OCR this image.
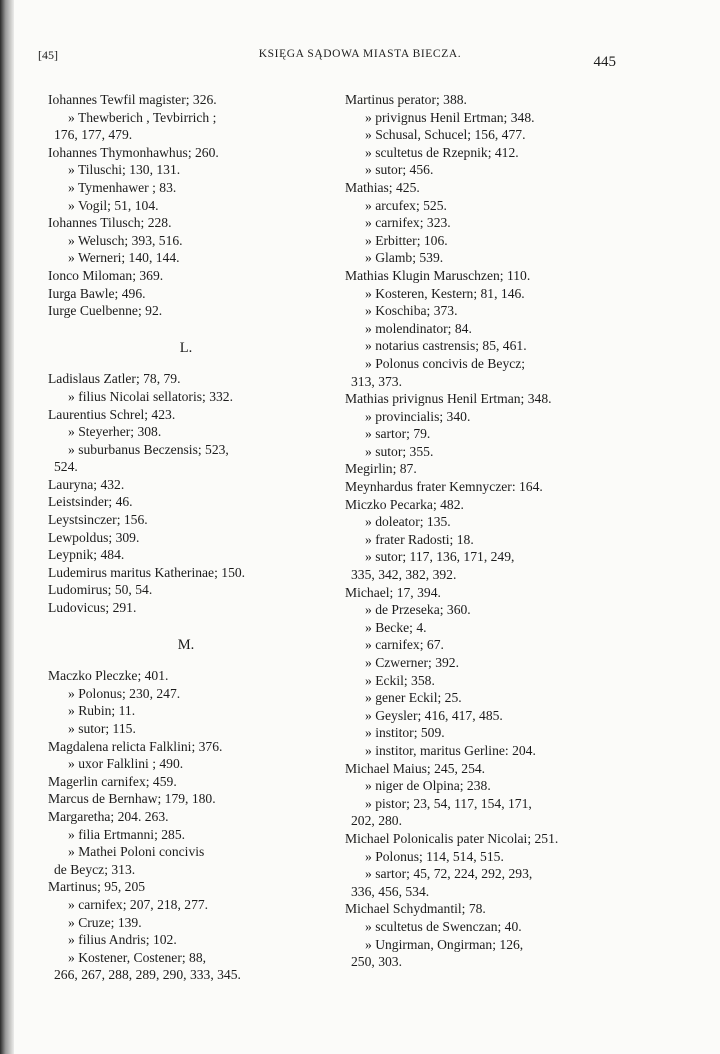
[45]	KSIĘGA SĄDOWA MIASTA BIECZA.	445
Iohannes Tewfil magister; 326.
» Thewberich , Tevbirrich ;
176, 177, 479.
Iohannes Thymonhawhus; 260.
» Tiluschi; 130, 131.
» Tymenhawer ; 83.
» Vogil; 51, 104.
Iohannes Tilusch; 228.
» Welusch; 393, 516.
» Werneri; 140, 144.
Ionco Miloman; 369.
Iurga Bawle; 496.
Iurge Cuelbenne; 92.
L.
Ladislaus Zatler; 78, 79.
» filius Nicolai sellatoris; 332.
Laurentius Schrel; 423.
» Steyerher; 308.
» suburbanus Beczensis; 523,
524.
Lauryna; 432.
Leistsinder; 46.
Leystsinczer; 156.
Lewpoldus; 309.
Leypnik; 484.
Ludemirus maritus Katherinae; 150.
Ludomirus; 50, 54.
Ludovicus; 291.
M.
Maczko Pleczke; 401.
» Polonus; 230, 247.
» Rubin; 11.
» sutor; 115.
Magdalena relicta Falklini; 376.
» uxor Falklini ; 490.
Magerlin carnifex; 459.
Marcus de Bernhaw; 179, 180.
Margaretha; 204. 263.
» filia Ertmanni; 285.
» Mathei Poloni concivis
de Beycz; 313.
Martinus; 95, 205
» carnifex; 207, 218, 277.
» Cruze; 139.
» filius Andris; 102.
» Kostener, Costener; 88,
266, 267, 288, 289, 290, 333, 345.
Martinus perator; 388.
» privignus Henil Ertman; 348.
» Schusal, Schucel; 156, 477.
» scultetus de Rzepnik; 412.
» sutor; 456.
Mathias; 425.
» arcufex; 525.
» carnifex; 323.
» Erbitter; 106.
» Glamb; 539.
Mathias Klugin Maruschzen; 110.
» Kosteren, Kestern; 81, 146.
» Koschiba; 373.
» molendinator; 84.
» notarius castrensis; 85, 461.
» Polonus concivis de Beycz;
313, 373.
Mathias privignus Henil Ertman; 348.
» provincialis; 340.
» sartor; 79.
» sutor; 355.
Megirlin; 87.
Meynhardus frater Kemnyczer: 164.
Miczko Pecarka; 482.
» doleator; 135.
» frater Radosti; 18.
» sutor; 117, 136, 171, 249,
335, 342, 382, 392.
Michael; 17, 394.
» de Przeseka; 360.
» Becke; 4.
» carnifex; 67.
» Czwerner; 392.
» Eckil; 358.
» gener Eckil; 25.
» Geysler; 416, 417, 485.
» institor; 509.
» institor, maritus Gerline: 204.
Michael Maius; 245, 254.
» niger de Olpina; 238.
» pistor; 23, 54, 117, 154, 171,
202, 280.
Michael Polonicalis pater Nicolai; 251.
» Polonus; 114, 514, 515.
» sartor; 45, 72, 224, 292, 293,
336, 456, 534.
Michael Schydmantil; 78.
» scultetus de Swenczan; 40.
» Ungirman, Ongirman; 126,
250, 303.
